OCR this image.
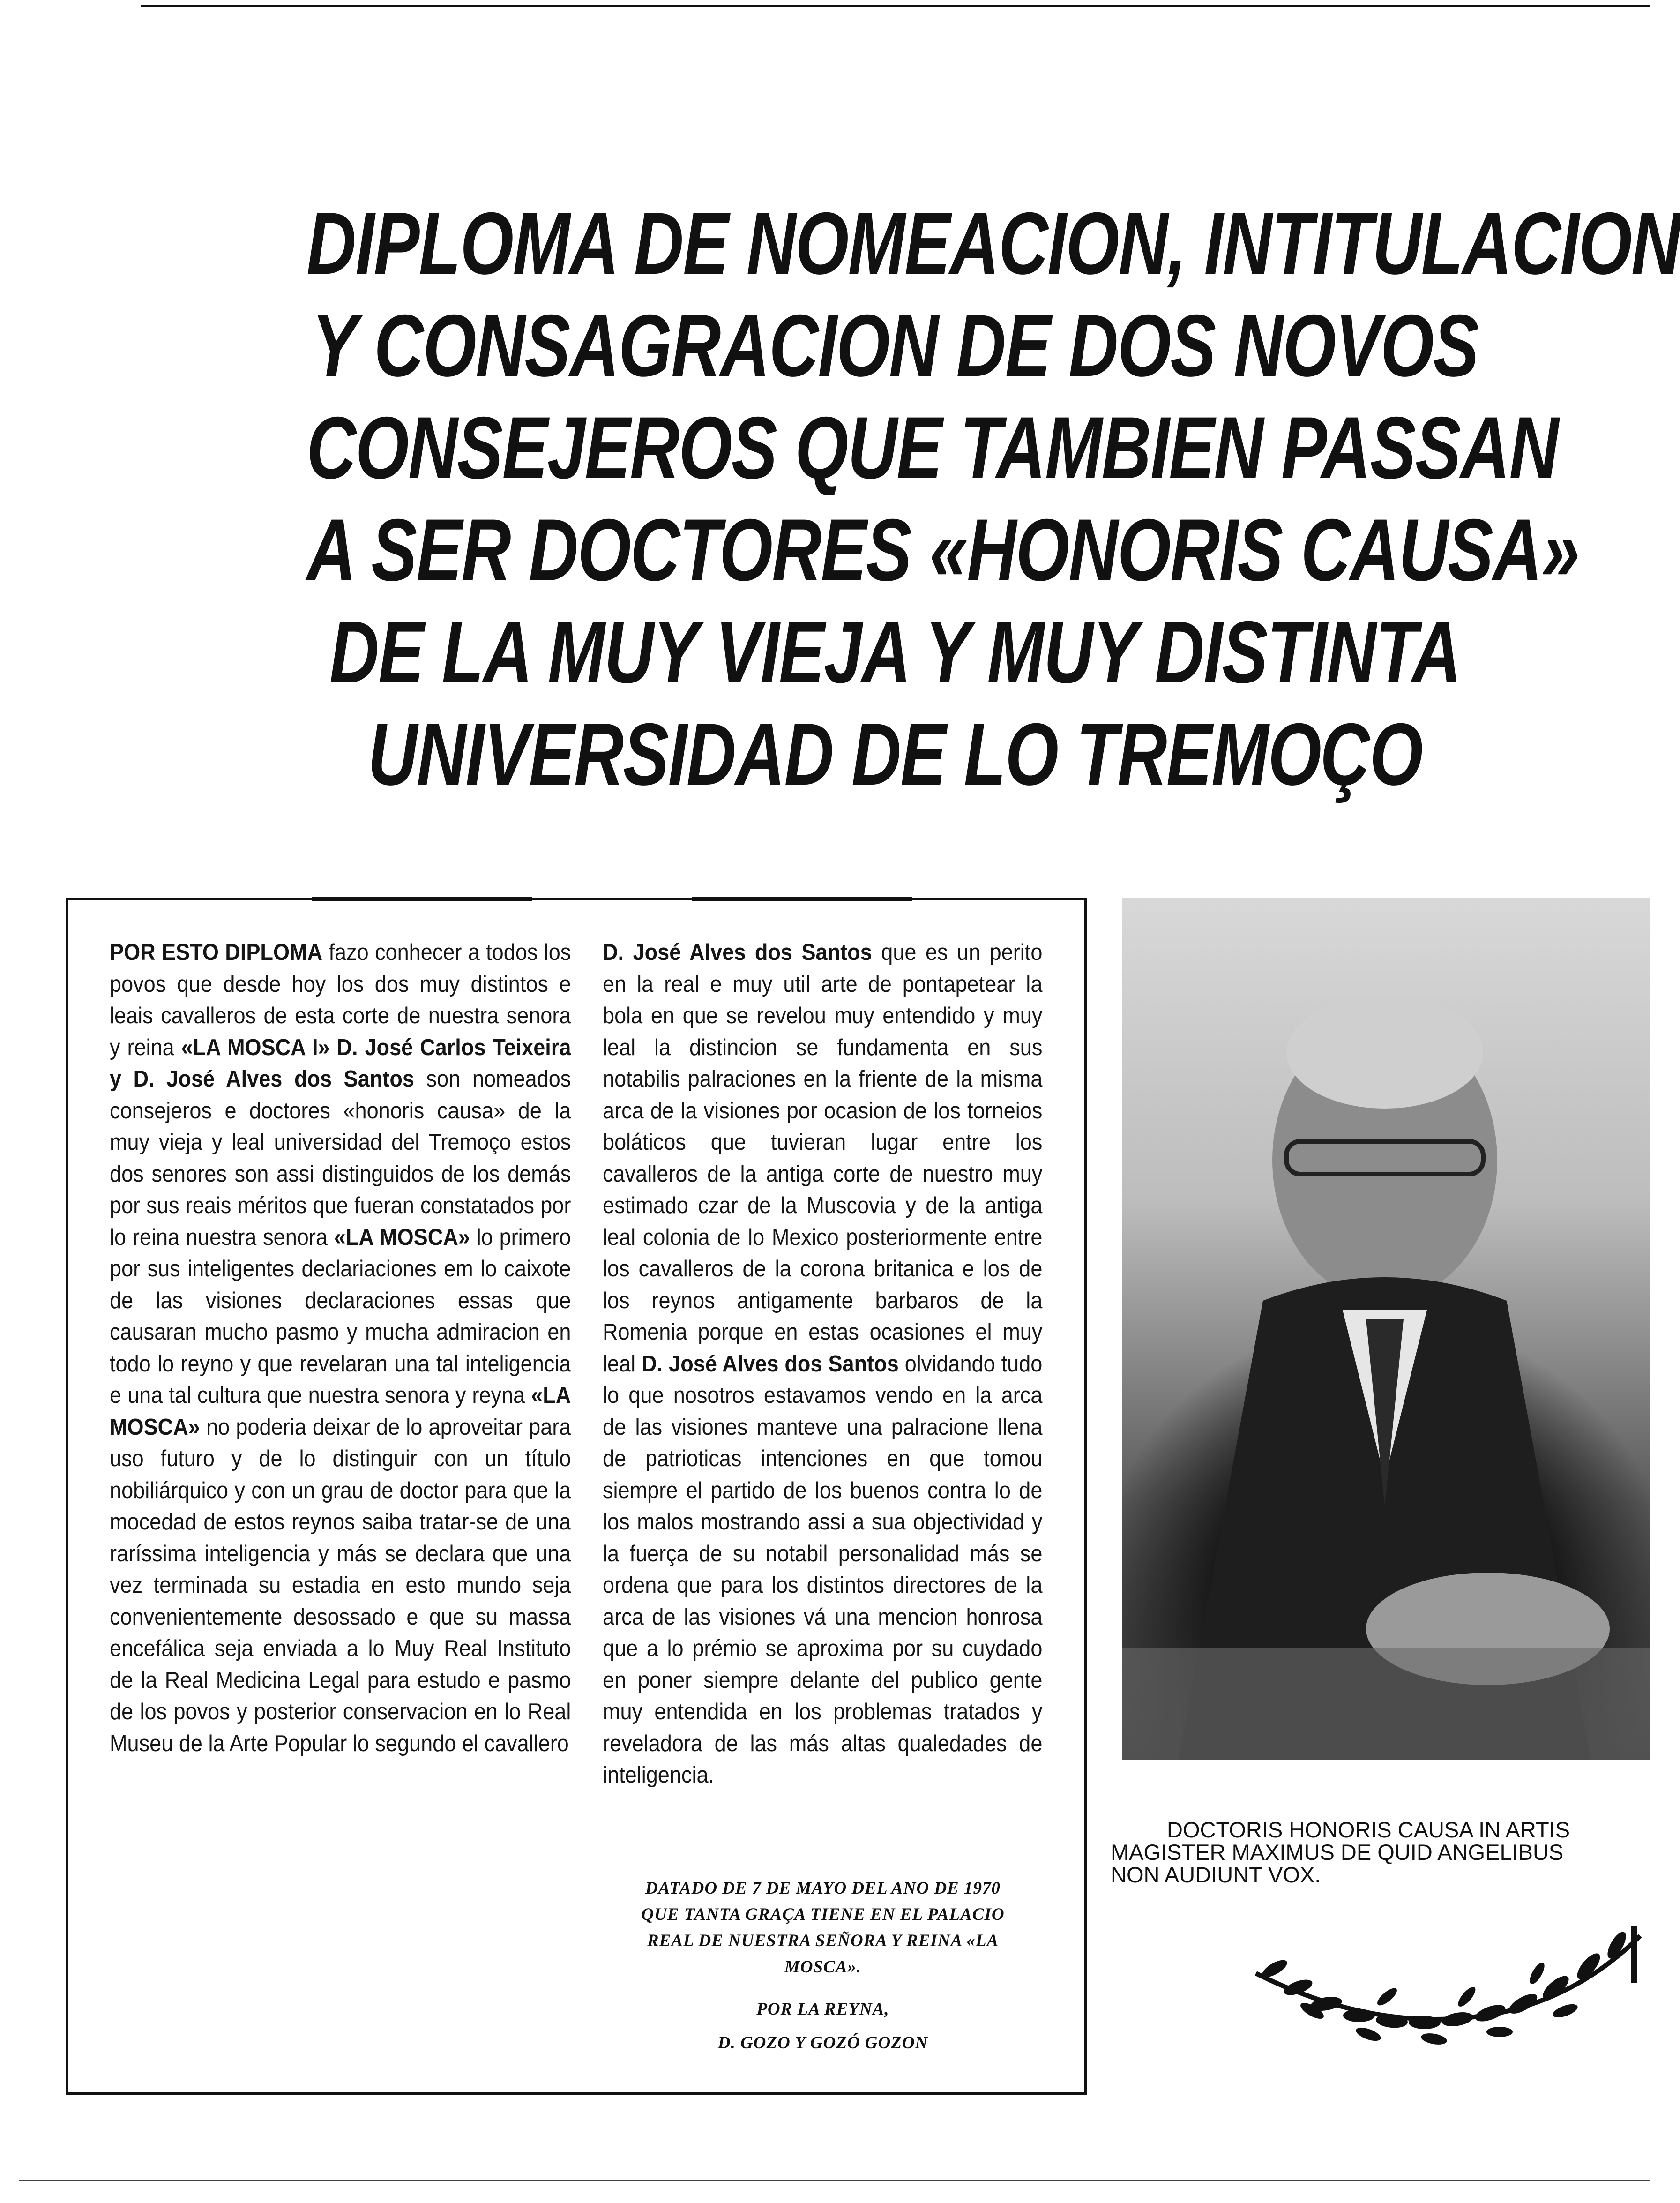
DIPLOMA DE NOMEACION, INTITULACION
Y CONSAGRACION DE DOS NOVOS
CONSEJEROS QUE TAMBIEN PASSAN
A SER DOCTORES «HONORIS CAUSA»
DE LA MUY VIEJA Y MUY DISTINTA
UNIVERSIDAD DE LO TREMOÇO
POR ESTO DIPLOMA fazo conhecer a todos los povos que desde hoy los dos muy distintos e leais cavalleros de esta corte de nuestra senora y reina «LA MOSCA I» D. José Carlos Teixeira y D. José Alves dos Santos son nomeados consejeros e doctores «honoris causa» de la muy vieja y leal universidad del Tremoço estos dos senores son assi distinguidos de los demás por sus reais méritos que fueran constatados por lo reina nuestra senora «LA MOSCA» lo primero por sus inteligentes declariaciones em lo caixote de las visiones declaraciones essas que causaran mucho pasmo y mucha admiracion en todo lo reyno y que revelaran una tal inteligencia e una tal cultura que nuestra senora y reyna «LA MOSCA» no poderia deixar de lo aproveitar para uso futuro y de lo distinguir con un título nobiliárquico y con un grau de doctor para que la mocedad de estos reynos saiba tratar-se de una raríssima inteligencia y más se declara que una vez terminada su estadia en esto mundo seja convenientemente desossado e que su massa encefálica seja enviada a lo Muy Real Instituto de la Real Medicina Legal para estudo e pasmo de los povos y posterior conservacion en lo Real Museu de la Arte Popular lo segundo el cavallero
DATADO DE 7 DE MAYO DEL ANO DE 1970 QUE TANTA GRAÇA TIENE EN EL PALACIO REAL DE NUESTRA SEÑORA Y REINA «LA MOSCA».
POR LA REYNA,
D. GOZO Y GOZÓ GOZON
D. José Alves dos Santos que es un perito en la real e muy util arte de pontapetear la bola en que se revelou muy entendido y muy leal la distincion se fundamenta en sus notabilis palraciones en la friente de la misma arca de la visiones por ocasion de los torneios boláticos que tuvieran lugar entre los cavalleros de la antiga corte de nuestro muy estimado czar de la Muscovia y de la antiga leal colonia de lo Mexico posteriormente entre los cavalleros de la corona britanica e los de los reynos antigamente barbaros de la Romenia porque en estas ocasiones el muy leal D. José Alves dos Santos olvidando tudo lo que nosotros estavamos vendo en la arca de las visiones manteve una palracione llena de patrioticas intenciones en que tomou siempre el partido de los buenos contra lo de los malos mostrando assi a sua objectividad y la fuerça de su notabil personalidad más se ordena que para los distintos directores de la arca de las visiones vá una mencion honrosa que a lo prémio se aproxima por su cuydado en poner siempre delante del publico gente muy entendida en los problemas tratados y reveladora de las más altas qualedades de inteligencia.
DOCTORIS HONORIS CAUSA IN ARTIS
MAGISTER MAXIMUS DE QUID ANGELIBUS
NON AUDIUNT VOX.
